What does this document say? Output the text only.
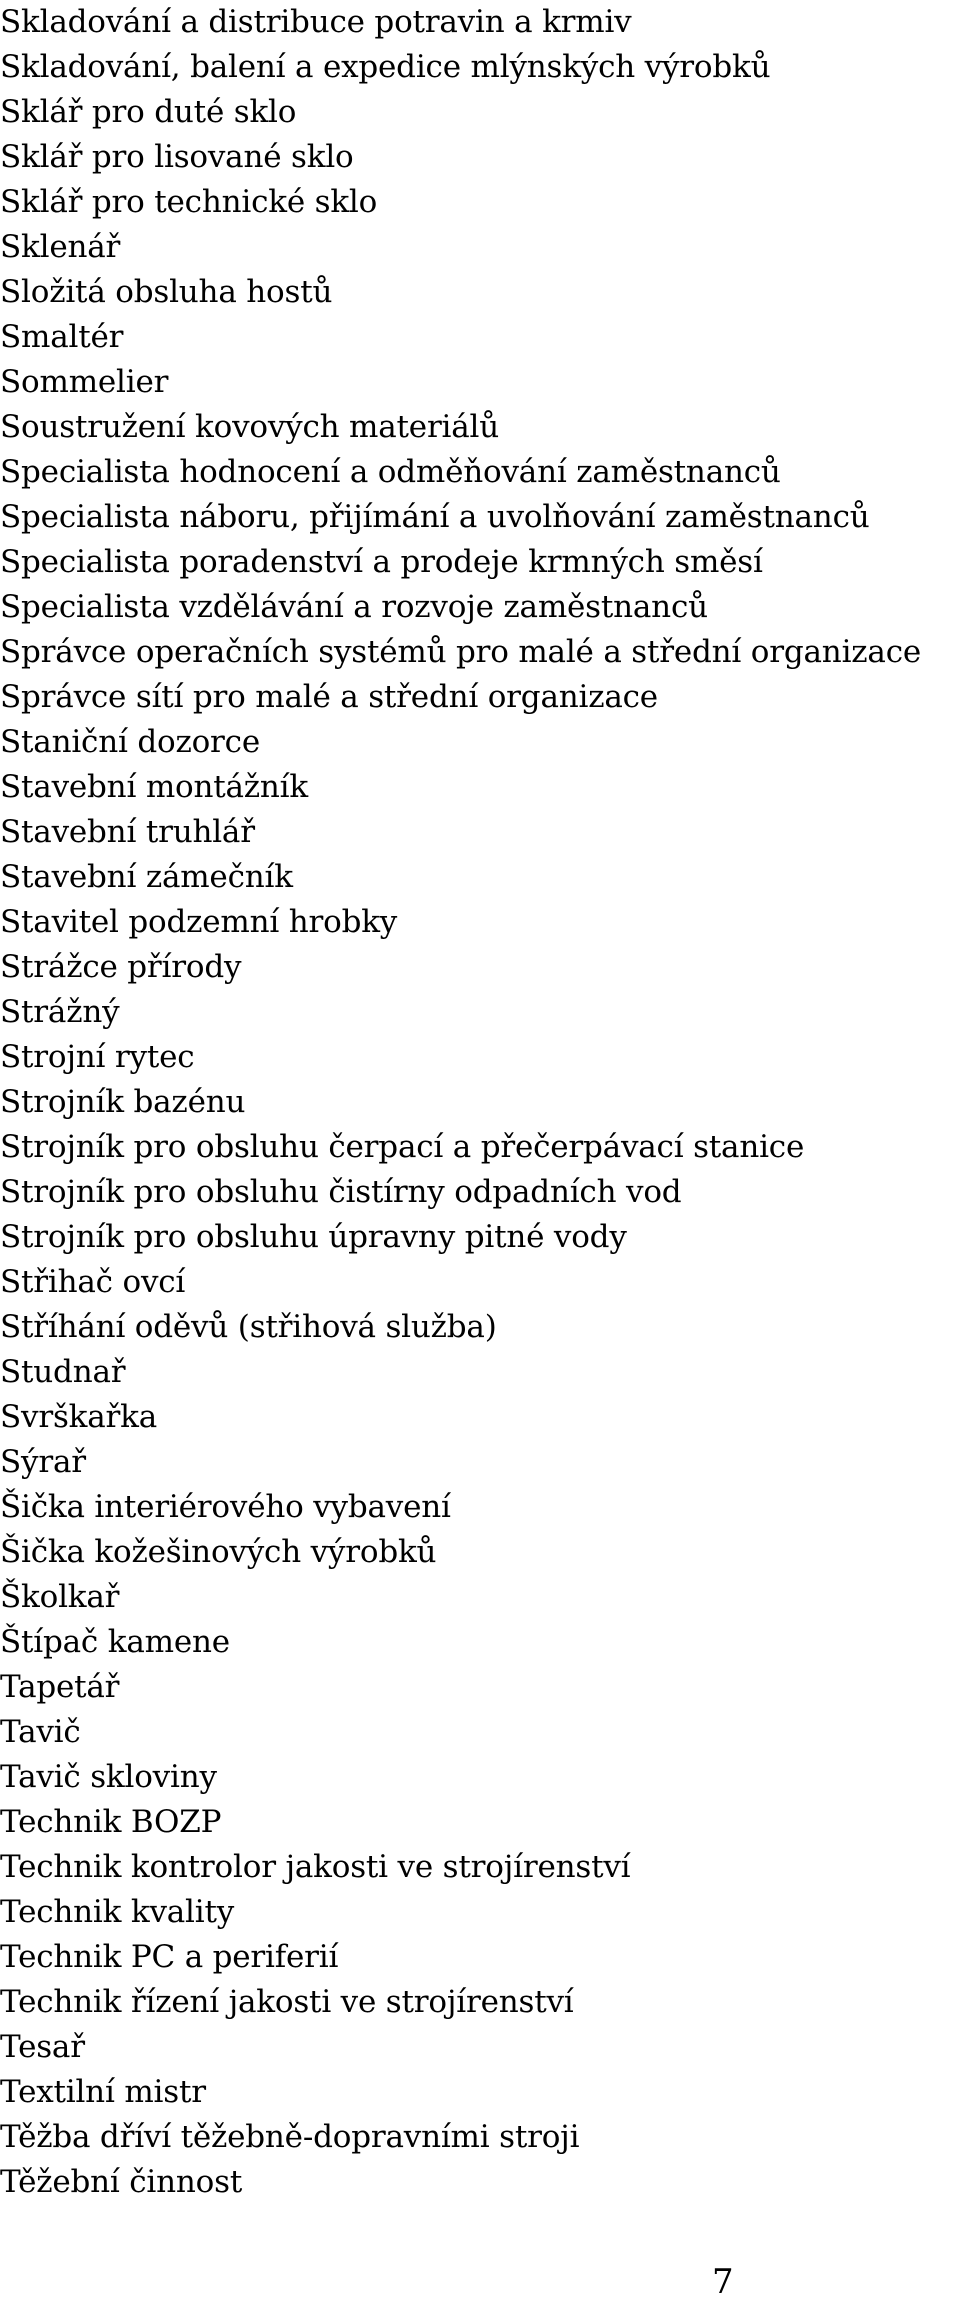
Skladování a distribuce potravin a krmiv
Skladování, balení a expedice mlýnských výrobků
Sklář pro duté sklo
Sklář pro lisované sklo
Sklář pro technické sklo
Sklenář
Složitá obsluha hostů
Smaltér
Sommelier
Soustružení kovových materiálů
Specialista hodnocení a odměňování zaměstnanců
Specialista náboru, přijímání a uvolňování zaměstnanců
Specialista poradenství a prodeje krmných směsí
Specialista vzdělávání a rozvoje zaměstnanců
Správce operačních systémů pro malé a střední organizace
Správce sítí pro malé a střední organizace
Staniční dozorce
Stavební montážník
Stavební truhlář
Stavební zámečník
Stavitel podzemní hrobky
Strážce přírody
Strážný
Strojní rytec
Strojník bazénu
Strojník pro obsluhu čerpací a přečerpávací stanice
Strojník pro obsluhu čistírny odpadních vod
Strojník pro obsluhu úpravny pitné vody
Střihač ovcí
Stříhání oděvů (střihová služba)
Studnař
Svrškařka
Sýrař
Šička interiérového vybavení
Šička kožešinových výrobků
Školkař
Štípač kamene
Tapetář
Tavič
Tavič skloviny
Technik BOZP
Technik kontrolor jakosti ve strojírenství
Technik kvality
Technik PC a periferií
Technik řízení jakosti ve strojírenství
Tesař
Textilní mistr
Těžba dříví těžebně-dopravními stroji
Těžební činnost
7
